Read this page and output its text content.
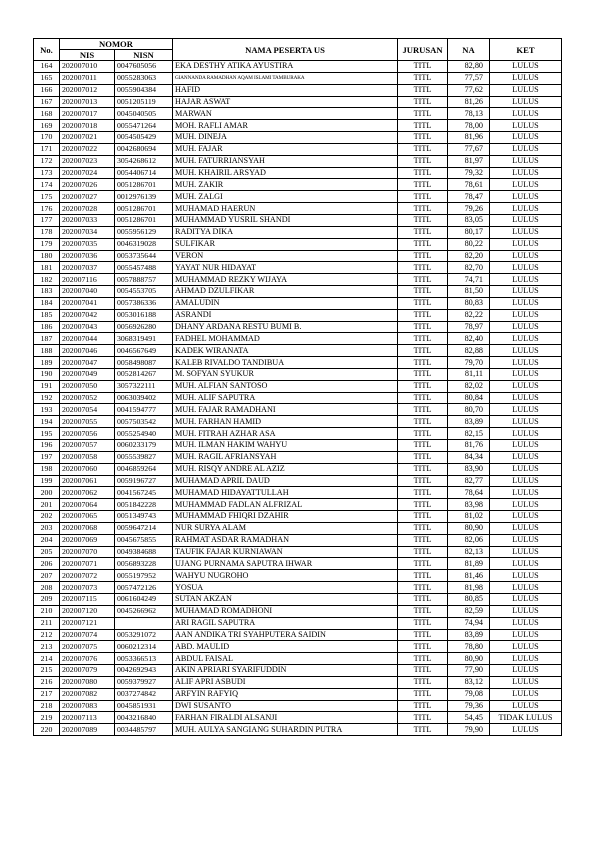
No.	NOMOR		NAMA PESERTA US	JURUSAN	NA	KET
	NIS	NISN				
164	202007010	0047605056	EKA DESTHY ATIKA AYUSTIRA	TITL	82,80	LULUS
165	202007011	0055283063	GIANNANDA RAMADHAN AQAM ISLAMI TAMBURAKA	TITL	77,57	LULUS
166	202007012	0055904384	HAFID	TITL	77,62	LULUS
167	202007013	0051205119	HAJAR ASWAT	TITL	81,26	LULUS
168	202007017	0045040505	MARWAN	TITL	78,13	LULUS
169	202007018	0055471264	MOH. RAFLI AMAR	TITL	78,00	LULUS
170	202007021	0054505429	MUH. DINEJA	TITL	81,96	LULUS
171	202007022	0042680694	MUH. FAJAR	TITL	77,67	LULUS
172	202007023	3054268612	MUH. FATURRIANSYAH	TITL	81,97	LULUS
173	202007024	0054406714	MUH. KHAIRIL ARSYAD	TITL	79,32	LULUS
174	202007026	0051286701	MUH. ZAKIR	TITL	78,61	LULUS
175	202007027	0012976139	MUH. ZALGI	TITL	78,47	LULUS
176	202007028	0051286701	MUHAMAD HAERUN	TITL	79,26	LULUS
177	202007033	0051286701	MUHAMMAD YUSRIL SHANDI	TITL	83,05	LULUS
178	202007034	0055956129	RADITYA DIKA	TITL	80,17	LULUS
179	202007035	0046319028	SULFIKAR	TITL	80,22	LULUS
180	202007036	0053735644	VERON	TITL	82,20	LULUS
181	202007037	0055457488	YAYAT NUR HIDAYAT	TITL	82,70	LULUS
182	202007116	0057888757	MUHAMMAD REZKY WIJAYA	TITL	74,71	LULUS
183	202007040	0054553705	AHMAD DZULFIKAR	TITL	81,50	LULUS
184	202007041	0057386336	AMALUDIN	TITL	80,83	LULUS
185	202007042	0053016188	ASRANDI	TITL	82,22	LULUS
186	202007043	0056926280	DHANY ARDANA RESTU BUMI B.	TITL	78,97	LULUS
187	202007044	3068319491	FADHEL MOHAMMAD	TITL	82,40	LULUS
188	202007046	0046567649	KADEK WIRANATA	TITL	82,88	LULUS
189	202007047	0058498087	KALEB RIVALDO TANDIBUA	TITL	79,70	LULUS
190	202007049	0052814267	M. SOFYAN SYUKUR	TITL	81,11	LULUS
191	202007050	3057322111	MUH. ALFIAN SANTOSO	TITL	82,02	LULUS
192	202007052	0063039402	MUH. ALIF SAPUTRA	TITL	80,84	LULUS
193	202007054	0041594777	MUH. FAJAR RAMADHANI	TITL	80,70	LULUS
194	202007055	0057503542	MUH. FARHAN HAMID	TITL	83,89	LULUS
195	202007056	0055254940	MUH. FITRAH AZHAR ASA	TITL	82,15	LULUS
196	202007057	0060233179	MUH. ILMAN HAKIM WAHYU	TITL	81,76	LULUS
197	202007058	0055539827	MUH. RAGIL AFRIANSYAH	TITL	84,34	LULUS
198	202007060	0046859264	MUH. RISQY ANDRE AL AZIZ	TITL	83,90	LULUS
199	202007061	0059196727	MUHAMAD APRIL DAUD	TITL	82,77	LULUS
200	202007062	0041567245	MUHAMAD HIDAYATTULLAH	TITL	78,64	LULUS
201	202007064	0051842228	MUHAMMAD FADLAN ALFRIZAL	TITL	83,98	LULUS
202	202007065	0051349743	MUHAMMAD FHIQRI DZAHIR	TITL	81,02	LULUS
203	202007068	0059647214	NUR SURYA ALAM	TITL	80,90	LULUS
204	202007069	0045675855	RAHMAT ASDAR RAMADHAN	TITL	82,06	LULUS
205	202007070	0049384688	TAUFIK FAJAR KURNIAWAN	TITL	82,13	LULUS
206	202007071	0056893228	UJANG PURNAMA SAPUTRA IHWAR	TITL	81,89	LULUS
207	202007072	0055197952	WAHYU NUGROHO	TITL	81,46	LULUS
208	202007073	0057472126	YOSUA	TITL	81,98	LULUS
209	202007115	0061604249	SUTAN AKZAN	TITL	80,85	LULUS
210	202007120	0045266962	MUHAMAD ROMADHONI	TITL	82,59	LULUS
211	202007121		ARI RAGIL SAPUTRA	TITL	74,94	LULUS
212	202007074	0053291072	AAN ANDIKA TRI SYAHPUTERA SAIDIN	TITL	83,89	LULUS
213	202007075	0060212314	ABD. MAULID	TITL	78,80	LULUS
214	202007076	0053366513	ABDUL FAISAL	TITL	80,90	LULUS
215	202007079	0042692943	AKIN APRIARI SYARIFUDDIN	TITL	77,90	LULUS
216	202007080	0059379927	ALIF APRI ASBUDI	TITL	83,12	LULUS
217	202007082	0037274842	ARFYIN RAFYIQ	TITL	79,08	LULUS
218	202007083	0045851931	DWI SUSANTO	TITL	79,36	LULUS
219	202007113	0043216840	FARHAN FIRALDI ALSANJI	TITL	54,45	TIDAK LULUS
220	202007089	0034485797	MUH. AULYA SANGIANG SUHARDIN PUTRA	TITL	79,90	LULUS
